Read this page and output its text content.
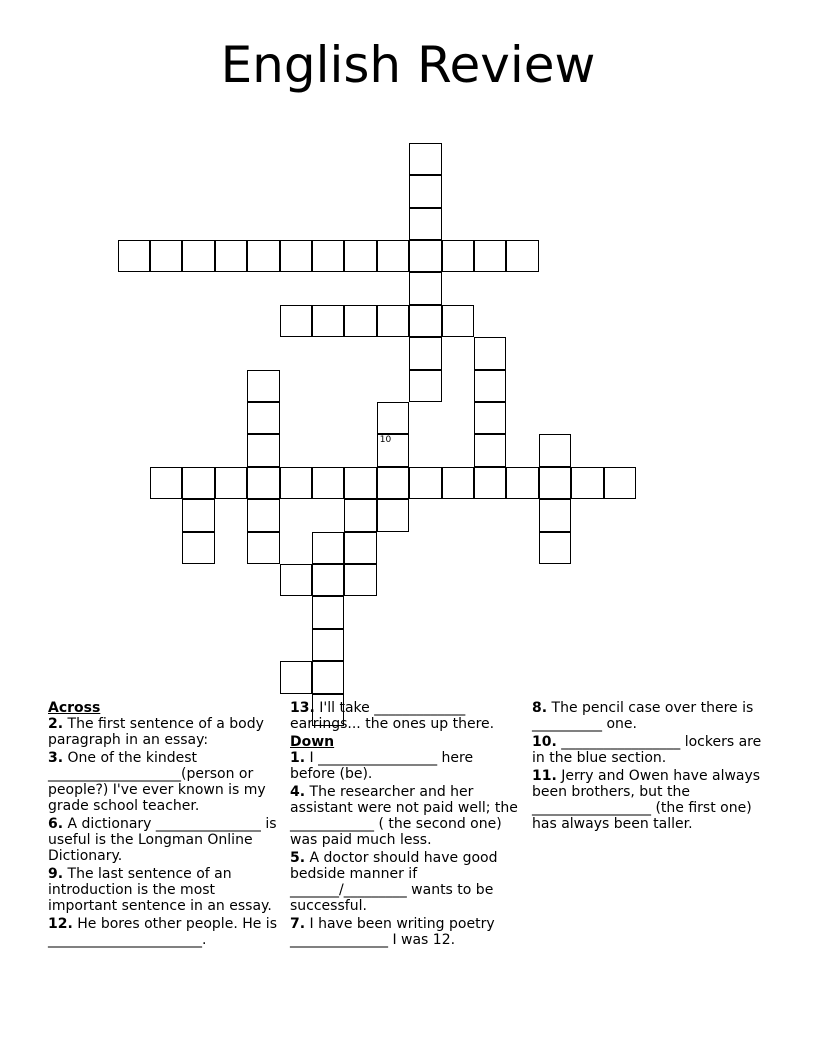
English Review
10
Across
2. The first sentence of a body paragraph in an essay:
3. One of the kindest ___________________(person or people?) I've ever known is my grade school teacher.
6. A dictionary _______________ is useful is the Longman Online Dictionary.
9. The last sentence of an introduction is the most important sentence in an essay.
12. He bores other people. He is ______________________.
13. I'll take _____________ earrings... the ones up there.
Down
1. I _________________ here before (be).
4. The researcher and her assistant were not paid well; the ____________ ( the second one) was paid much less.
5. A doctor should have good bedside manner if _______/_________ wants to be successful.
7. I have been writing poetry ______________ I was 12.
8. The pencil case over there is __________ one.
10. _________________ lockers are in the blue section.
11. Jerry and Owen have always been brothers, but the _________________ (the first one) has always been taller.
